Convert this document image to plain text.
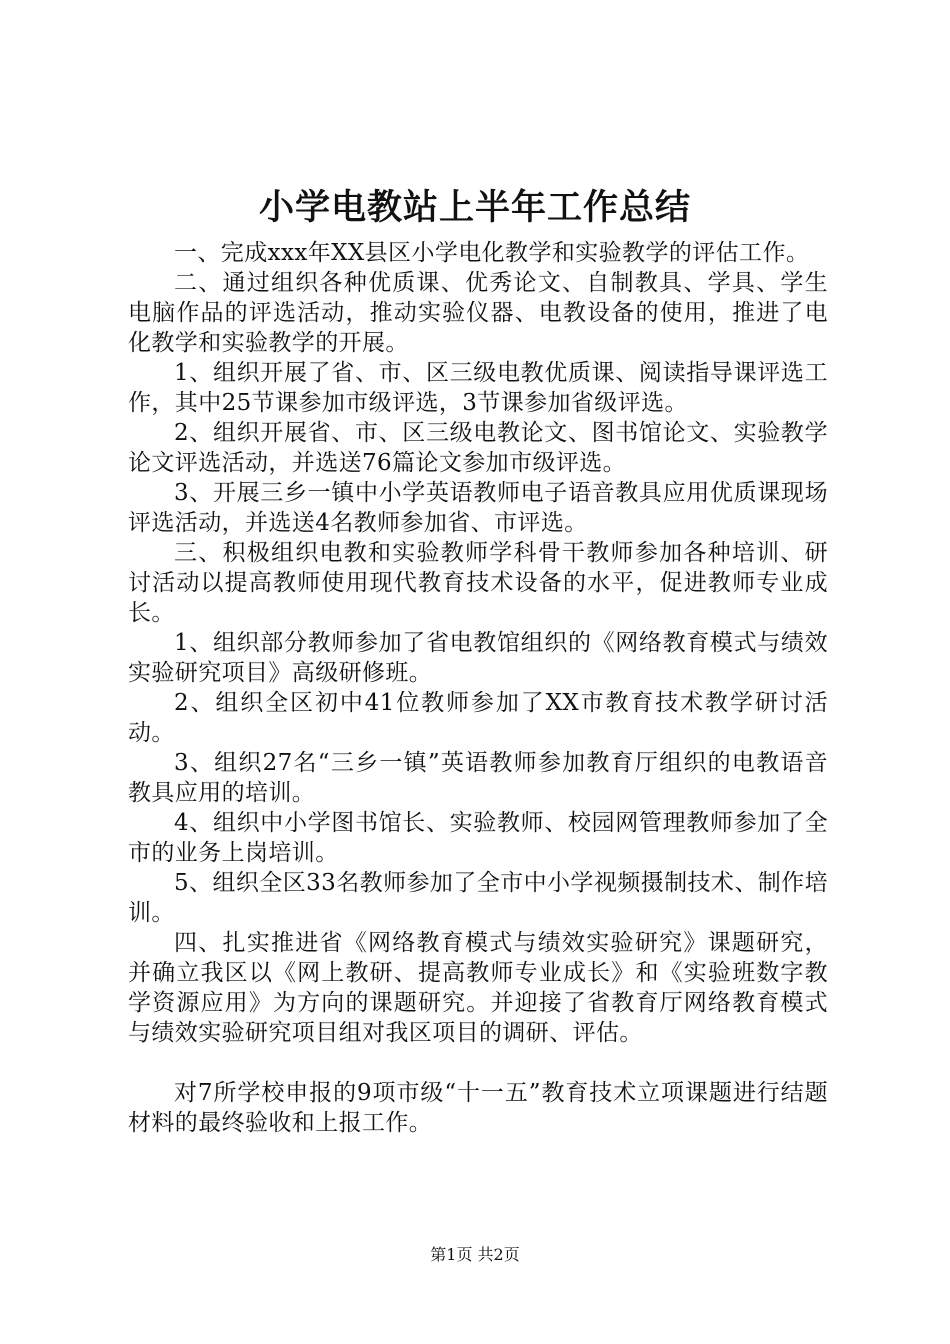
小学电教站上半年工作总结

一、完成xxx年XX县区小学电化教学和实验教学的评估工作。

二、通过组织各种优质课、优秀论文、自制教具、学具、学生电脑作品的评选活动，推动实验仪器、电教设备的使用，推进了电化教学和实验教学的开展。

1、组织开展了省、市、区三级电教优质课、阅读指导课评选工作，其中25节课参加市级评选，3节课参加省级评选。

2、组织开展省、市、区三级电教论文、图书馆论文、实验教学论文评选活动，并选送76篇论文参加市级评选。

3、开展三乡一镇中小学英语教师电子语音教具应用优质课现场评选活动，并选送4名教师参加省、市评选。

三、积极组织电教和实验教师学科骨干教师参加各种培训、研讨活动以提高教师使用现代教育技术设备的水平，促进教师专业成长。

1、组织部分教师参加了省电教馆组织的《网络教育模式与绩效实验研究项目》高级研修班。

2、组织全区初中41位教师参加了XX市教育技术教学研讨活动。

3、组织27名“三乡一镇”英语教师参加教育厅组织的电教语音教具应用的培训。

4、组织中小学图书馆长、实验教师、校园网管理教师参加了全市的业务上岗培训。

5、组织全区33名教师参加了全市中小学视频摄制技术、制作培训。

四、扎实推进省《网络教育模式与绩效实验研究》课题研究，并确立我区以《网上教研、提高教师专业成长》和《实验班数字教学资源应用》为方向的课题研究。并迎接了省教育厅网络教育模式与绩效实验研究项目组对我区项目的调研、评估。

对7所学校申报的9项市级“十一五”教育技术立项课题进行结题材料的最终验收和上报工作。

第1页 共2页
